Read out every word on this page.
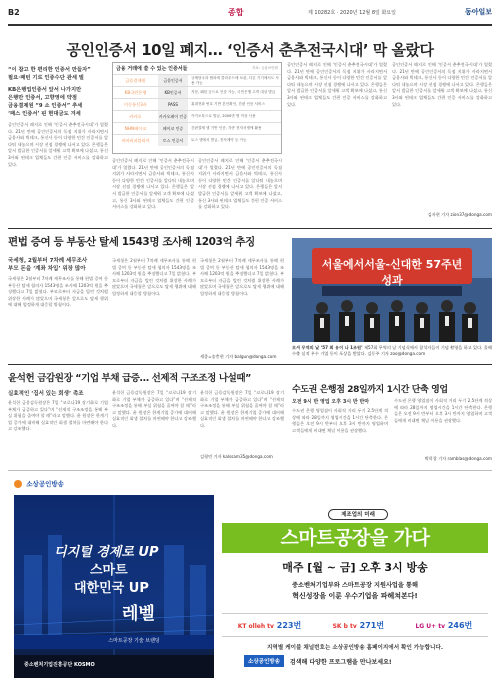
B2	종합	제 10282호 · 2020년 12월 8일 화요일	동아일보
공인인증서 10일 폐지… ‘인증서 춘추전국시대’ 막 올랐다
“이 참고 한 편리한 인증서 만들자”
필요·패턴 기로 인증수단 관세 벌
KB은행업인증서 앞서 나가지만
은행만 인증서, 고향영에 약점
금융결제원 “9 소 인증서” 추세
‘패스 인증서’ 핀 현대금도 겨세
공인인증서 폐지로 인해 ‘인증서 춘추전국시대’가 열렸다. 21년 만에 공인인증서의 독점 지위가 사라지면서 금융사와 빅테크, 통신사 등이 다양한 민간 인증서를 앞다퉈 내놓으며 시장 선점 경쟁에 나서고 있다. 은행들은 앞서 발급한 인증서를 앞세워 고객 확보에 나섰고, 통신 3사와 핀테크 업체들도 간편 인증 서비스를 강화하고 있다.
금융 거래에 쓸 수 있는 인증서들	자료: 금융보안원
금융결제원	금융인증서	규제당국과 협의에 클라우드에 보관, 다른 기기에서도 사용 가능
KB국민은행	KB인증서	지문, 패턴 등으로 인증 가능, 국민은행 고객 대상 발급
이동통신3사	PASS	휴대전화 번호 기반 본인확인, 간편 인증 서비스
카카오	카카오페이 인증	카카오톡으로 발급, 2000만 명 이상 사용
NHN페이코	페이코 인증	간편결제 앱 기반 인증, 각종 전자서명에 활용
비바리퍼블리카	토스 인증서	토스 앱에서 발급, 전자계약 등 가능
공인인증서 폐지로 인해 ‘인증서 춘추전국시대’가 열렸다. 21년 만에 공인인증서의 독점 지위가 사라지면서 금융사와 빅테크, 통신사 등이 다양한 민간 인증서를 앞다퉈 내놓으며 시장 선점 경쟁에 나서고 있다. 은행들은 앞서 발급한 인증서를 앞세워 고객 확보에 나섰고, 통신 3사와 핀테크 업체들도 간편 인증 서비스를 강화하고 있다.
공인인증서 폐지로 인해 ‘인증서 춘추전국시대’가 열렸다. 21년 만에 공인인증서의 독점 지위가 사라지면서 금융사와 빅테크, 통신사 등이 다양한 민간 인증서를 앞다퉈 내놓으며 시장 선점 경쟁에 나서고 있다. 은행들은 앞서 발급한 인증서를 앞세워 고객 확보에 나섰고, 통신 3사와 핀테크 업체들도 간편 인증 서비스를 강화하고 있다.
공인인증서 폐지로 인해 ‘인증서 춘추전국시대’가 열렸다. 21년 만에 공인인증서의 독점 지위가 사라지면서 금융사와 빅테크, 통신사 등이 다양한 민간 인증서를 앞다퉈 내놓으며 시장 선점 경쟁에 나서고 있다. 은행들은 앞서 발급한 인증서를 앞세워 고객 확보에 나섰고, 통신 3사와 핀테크 업체들도 간편 인증 서비스를 강화하고 있다.
공인인증서 폐지로 인해 ‘인증서 춘추전국시대’가 열렸다. 21년 만에 공인인증서의 독점 지위가 사라지면서 금융사와 빅테크, 통신사 등이 다양한 민간 인증서를 앞다퉈 내놓으며 시장 선점 경쟁에 나서고 있다. 은행들은 앞서 발급한 인증서를 앞세워 고객 확보에 나섰고, 통신 3사와 핀테크 업체들도 간편 인증 서비스를 강화하고 있다.
김자현 기자 zion37@donga.com
편법 증여 등 부동산 탈세 1543명 조사해 1203억 추징
국세청, 2월부터 7차례 세무조사
부모 돈을 ‘계좌 차입’ 위장 많아
국세청은 2월부터 7차례 세무조사를 통해 편법 증여 등 부동산 탈세 혐의자 1543명을 조사해 1203억 원을 추징했다고 7일 밝혔다. 부모로부터 자금을 빌린 것처럼 위장한 사례가 많았으며 국세청은 앞으로도 탈세 행위에 대해 엄정하게 대응할 방침이다.
국세청은 2월부터 7차례 세무조사를 통해 편법 증여 등 부동산 탈세 혐의자 1543명을 조사해 1203억 원을 추징했다고 7일 밝혔다. 부모로부터 자금을 빌린 것처럼 위장한 사례가 많았으며 국세청은 앞으로도 탈세 행위에 대해 엄정하게 대응할 방침이다.
국세청은 2월부터 7차례 세무조사를 통해 편법 증여 등 부동산 탈세 혐의자 1543명을 조사해 1203억 원을 추징했다고 7일 밝혔다. 부모로부터 자금을 빌린 것처럼 위장한 사례가 많았으며 국세청은 앞으로도 탈세 행위에 대해 엄정하게 대응할 방침이다.
세종=송충현 기자 balgun@donga.com
서울에서서울-신대한 57주년 성과
모셔 무역의 날 ‘57 회 유이 나 1조원’ 제57회 무역의 날 기념식에서 참석자들이 기념 촬영을 하고 있다. 올해 수출 실적 우수 기업 등이 포상을 받았다. 김동주 기자 zoo@donga.com
윤석헌 금감원장 “기업 부채 급증… 선제적 구조조정 나설때”
실효적인 ‘집서 있는 회생’ 촉조
윤석헌 금융감독원장은 7일 “코로나19 장기화로 기업 부채가 급증하고 있다”며 “선제적 구조조정을 통해 부실 위험을 줄여야 할 때”라고 말했다. 윤 원장은 한계기업 증가에 대비해 실효적인 회생 절차를 마련해야 한다고 강조했다.
윤석헌 금융감독원장은 7일 “코로나19 장기화로 기업 부채가 급증하고 있다”며 “선제적 구조조정을 통해 부실 위험을 줄여야 할 때”라고 말했다. 윤 원장은 한계기업 증가에 대비해 실효적인 회생 절차를 마련해야 한다고 강조했다.
윤석헌 금융감독원장은 7일 “코로나19 장기화로 기업 부채가 급증하고 있다”며 “선제적 구조조정을 통해 부실 위험을 줄여야 할 때”라고 말했다. 윤 원장은 한계기업 증가에 대비해 실효적인 회생 절차를 마련해야 한다고 강조했다.
김형민 기자 kalssam35@donga.com
수도권 은행점 28일까지 1시간 단축 영업
오전 9시 반 영업 오후 3시 반 반마
수도권 은행 영업점이 사회적 거리 두기 2.5단계 격상에 따라 28일까지 영업시간을 1시간 단축한다. 은행들은 오전 9시 반부터 오후 3시 반까지 영업하며 고객들에게 비대면 채널 이용을 권장했다.
수도권 은행 영업점이 사회적 거리 두기 2.5단계 격상에 따라 28일까지 영업시간을 1시간 단축한다. 은행들은 오전 9시 반부터 오후 3시 반까지 영업하며 고객들에게 비대면 채널 이용을 권장했다.
박희창 기자 ramblas@donga.com
소상공인방송
디지털 경제로 UP
스마트
대한민국 UP
레벨
스마트공장 기술 브랜딩
중소벤처기업진흥공단 KOSMO
제조업의 미래
스마트공장을 가다
매주 [월 ~ 금] 오후 3시 방송
중소벤처기업부와 스마트공장 지원사업을 통해
혁신성장을 이룬 우수기업을 파헤쳐본다!
KT olleh tv 223번	SK b tv 271번	LG U+ tv 246번
지역별 케이블 채널번호는 소상공인방송 홈페이지에서 확인 가능합니다.
소상공인방송	검색해 다양한 프로그램을 만나보세요!
